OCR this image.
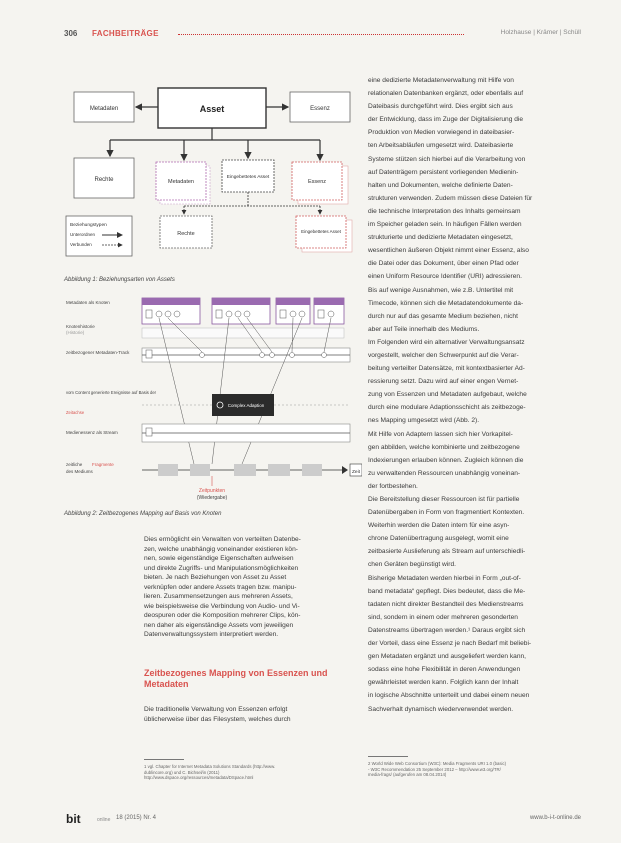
306 FACHBEITRÄGE	Holzhause | Krämer | Schüll
Metadaten	Asset	Essenz
Rechte	Metadaten
Eingebettetes Asset
Essenz
Rechte	Eingebettetes Asset
Beziehungstypen
Unterordnen
Verbunden
Abbildung 1: Beziehungsarten von Assets
Metadaten als Knoten
Knotenhistorie
(Historie)
zeitbezogener Metadaten-Track
vom Content generierte Ereignisse auf Basis der
Zeitachse
Medienessenz als Stream
zeitliche Fragmente
des Mediums
Complex Adaption
Zeit
Zeitpunkten
(Wiedergabe)
Abbildung 2: Zeitbezogenes Mapping auf Basis von Knoten

Dies ermöglicht ein Verwalten von verteilten Datenbe-

zen, welche unabhängig voneinander existieren kön-

nen, sowie eigenständige Eigenschaften aufweisen

und direkte Zugriffs- und Manipulationsmöglichkeiten

bieten. Je nach Beziehungen von Asset zu Asset

verknüpfen oder andere Assets tragen bzw. manipu-

lieren. Zusammensetzungen aus mehreren Assets,

wie beispielsweise die Verbindung von Audio- und Vi-

deospuren oder die Komposition mehrerer Clips, kön-

nen daher als eigenständige Assets vom jeweiligen

Datenverwaltungssystem interpretiert werden.

Zeitbezogenes Mapping von Essenzen und Metadaten

Die traditionelle Verwaltung von Essenzen erfolgt

üblicherweise über das Filesystem, welches durch

1 vgl. Chapter for Internet Metadata Solutions Standards (http://www.
dublincore.org) und C. Bichsel/in (2011)
http://www.dspace.org/ressources/metadata/DSpace.html

eine dedizierte Metadatenverwaltung mit Hilfe von

relationalen Datenbanken ergänzt, oder ebenfalls auf

Dateibasis durchgeführt wird. Dies ergibt sich aus

der Entwicklung, dass im Zuge der Digitalisierung die

Produktion von Medien vorwiegend in dateibasier-

ten Arbeitsabläufen umgesetzt wird. Dateibasierte

Systeme stützen sich hierbei auf die Verarbeitung von

auf Datenträgern persistent vorliegenden Medienin-

halten und Dokumenten, welche definierte Daten-

strukturen verwenden. Zudem müssen diese Dateien für

die technische Interpretation des Inhalts gemeinsam

im Speicher geladen sein. In häufigen Fällen werden

strukturierte und dedizierte Metadaten eingesetzt,

wesentlichen äußeren Objekt nimmt einer Essenz, also

die Datei oder das Dokument, über einen Pfad oder

einen Uniform Resource Identifier (URI) adressieren.

Bis auf wenige Ausnahmen, wie z.B. Untertitel mit

Timecode, können sich die Metadatendokumente da-

durch nur auf das gesamte Medium beziehen, nicht

aber auf Teile innerhalb des Mediums.

Im Folgenden wird ein alternativer Verwaltungsansatz

vorgestellt, welcher den Schwerpunkt auf die Verar-

beitung verteilter Datensätze, mit kontextbasierter Ad-

ressierung setzt. Dazu wird auf einer engen Vernet-

zung von Essenzen und Metadaten aufgebaut, welche

durch eine modulare Adaptionsschicht als zeitbezoge-

nes Mapping umgesetzt wird (Abb. 2).

Mit Hilfe von Adaptern lassen sich hier Vorkapitel-

gen abbilden, welche kombinierte und zeitbezogene

Indexierungen erlauben können. Zugleich können die

zu verwaltenden Ressourcen unabhängig voneinan-

der fortbestehen.

Die Bereitstellung dieser Ressourcen ist für partielle

Datenübergaben in Form von fragmentiert Kontexten.

Weiterhin werden die Daten intern für eine asyn-

chrone Datenübertragung ausgelegt, womit eine

zeitbasierte Auslieferung als Stream auf unterschiedli-

chen Geräten begünstigt wird.

Bisherige Metadaten werden hierbei in Form „out-of-

band metadata“ gepflegt. Dies bedeutet, dass die Me-

tadaten nicht direkter Bestandteil des Medienstreams

sind, sondern in einem oder mehreren gesonderten

Datenstreams übertragen werden.¹ Daraus ergibt sich

der Vorteil, dass eine Essenz je nach Bedarf mit beliebi-

gen Metadaten ergänzt und ausgeliefert werden kann,

sodass eine hohe Flexibilität in deren Anwendungen

gewährleistet werden kann. Folglich kann der Inhalt

in logische Abschnitte unterteilt und dabei einem neuen

Sachverhalt dynamisch wiederverwendet werden.

2 World Wide Web Consortium (W3C): Media Fragments URI 1.0 (basic)
- W3C Recommendation 25 September 2012 – http://www.w3.org/TR/
media-frags/ (aufgerufen am 08.04.2014)
bit	online 18 (2015) Nr. 4	www.b-i-t-online.de
